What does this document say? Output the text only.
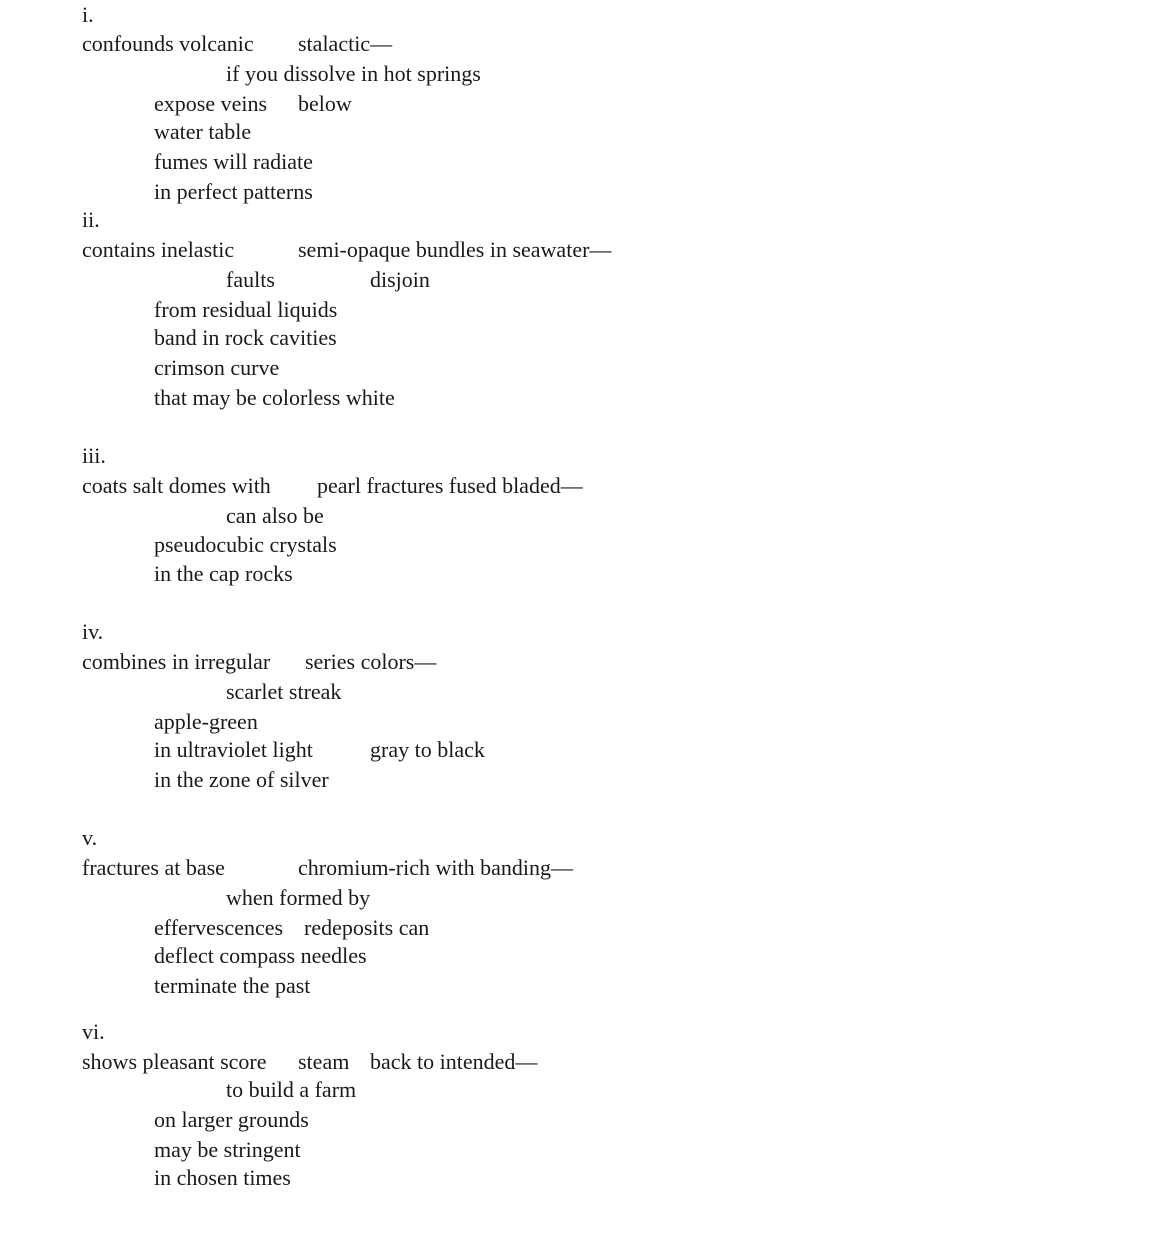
i.

confounds volcanic

stalactic—

if you dissolve in hot springs

expose veins

below

water table

fumes will radiate

in perfect patterns

ii.

contains inelastic

	semi-opaque bundles in seawater—

faults

	disjoin

from residual liquids

band in rock cavities

crimson curve

that may be colorless white

iii.

coats salt domes with

pearl fractures fused bladed—

can also be

pseudocubic crystals

in the cap rocks

iv.

combines in irregular

series colors—

scarlet streak

apple-green

in ultraviolet light

	gray to black

in the zone of silver

v.

fractures at base

	chromium-rich with banding—

when formed by

effervescences

redeposits can

deflect compass needles

terminate the past

vi.

shows pleasant score

steam

back to intended—

to build a farm

on larger grounds

may be stringent

in chosen times
